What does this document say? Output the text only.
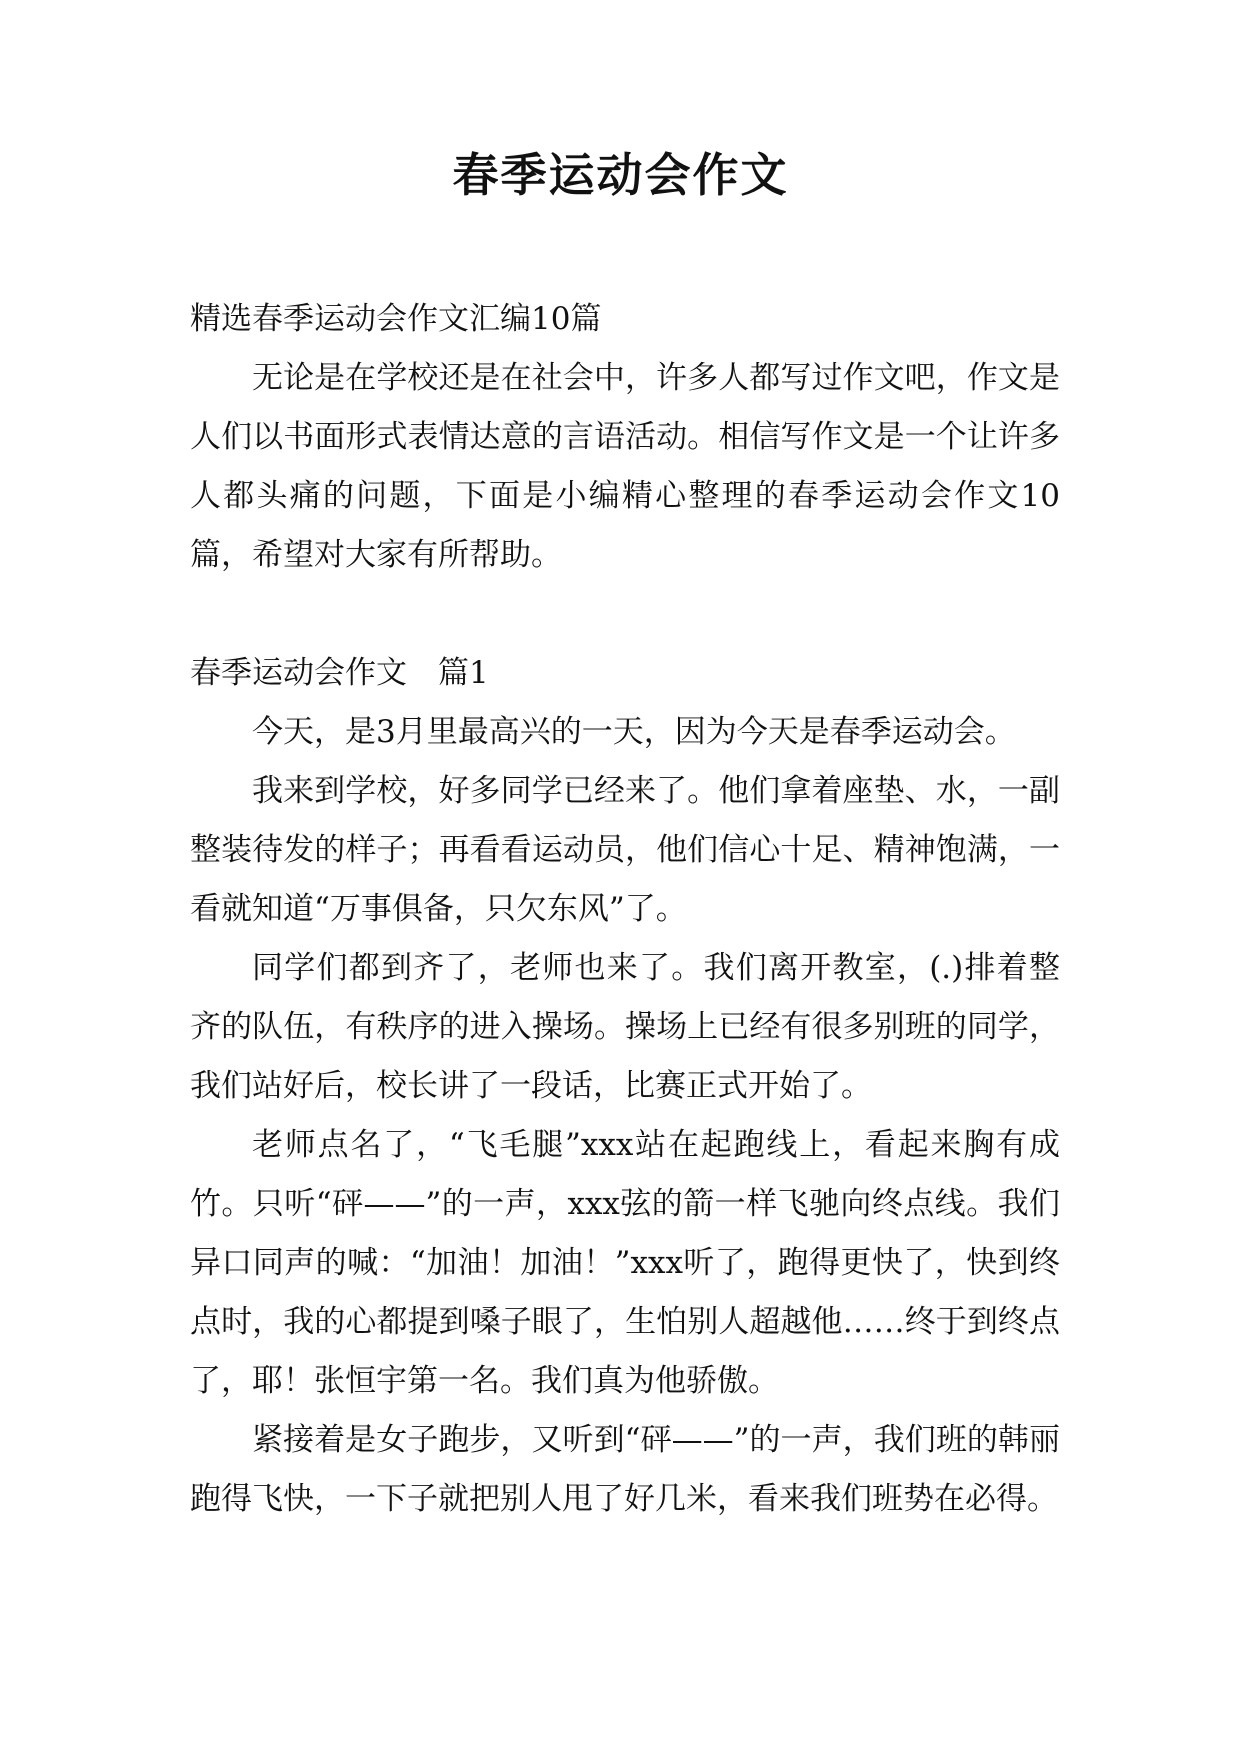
春季运动会作文

精选春季运动会作文汇编10篇

无论是在学校还是在社会中，许多人都写过作文吧，作文是人们以书面形式表情达意的言语活动。相信写作文是一个让许多人都头痛的问题，下面是小编精心整理的春季运动会作文10篇，希望对大家有所帮助。

春季运动会作文　篇1

今天，是3月里最高兴的一天，因为今天是春季运动会。

我来到学校，好多同学已经来了。他们拿着座垫、水，一副整装待发的样子；再看看运动员，他们信心十足、精神饱满，一看就知道“万事俱备，只欠东风”了。

同学们都到齐了，老师也来了。我们离开教室，(.)排着整齐的队伍，有秩序的进入操场。操场上已经有很多别班的同学，我们站好后，校长讲了一段话，比赛正式开始了。

老师点名了，“飞毛腿”xxx站在起跑线上，看起来胸有成竹。只听“砰——”的一声，xxx弦的箭一样飞驰向终点线。我们异口同声的喊：“加油！加油！”xxx听了，跑得更快了，快到终点时，我的心都提到嗓子眼了，生怕别人超越他……终于到终点了，耶！张恒宇第一名。我们真为他骄傲。

紧接着是女子跑步，又听到“砰——”的一声，我们班的韩丽跑得飞快，一下子就把别人甩了好几米，看来我们班势在必得。
